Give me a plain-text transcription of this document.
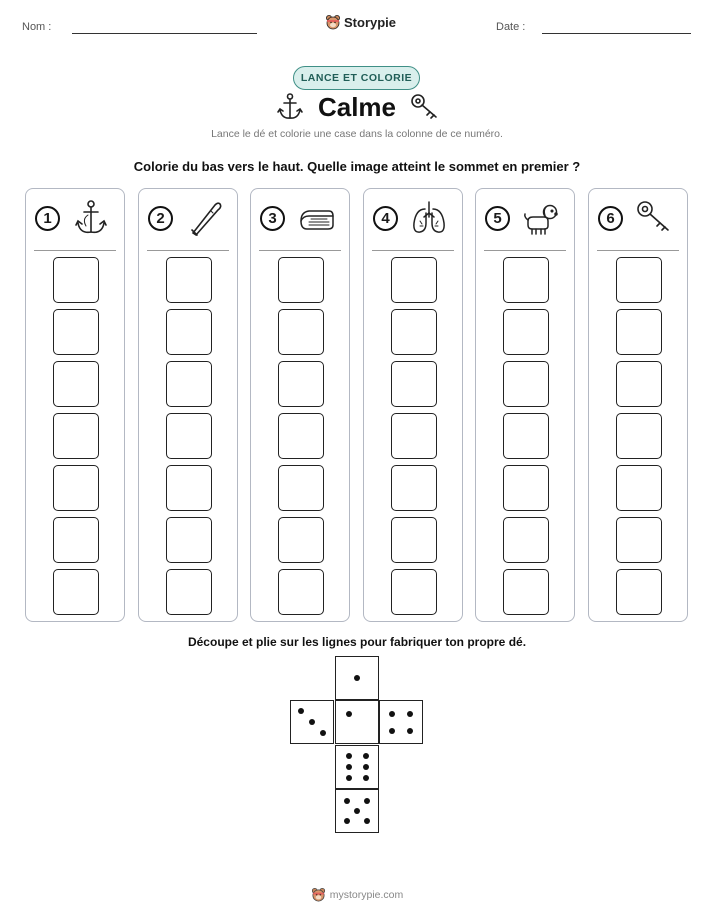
Nom :	Storypie	Date :
LANCE ET COLORIE
Calme
Lance le dé et colorie une case dans la colonne de ce numéro.
Colorie du bas vers le haut. Quelle image atteint le sommet en premier ?
1	2	3	4	5	6
Découpe et plie sur les lignes pour fabriquer ton propre dé.
mystorypie.com
